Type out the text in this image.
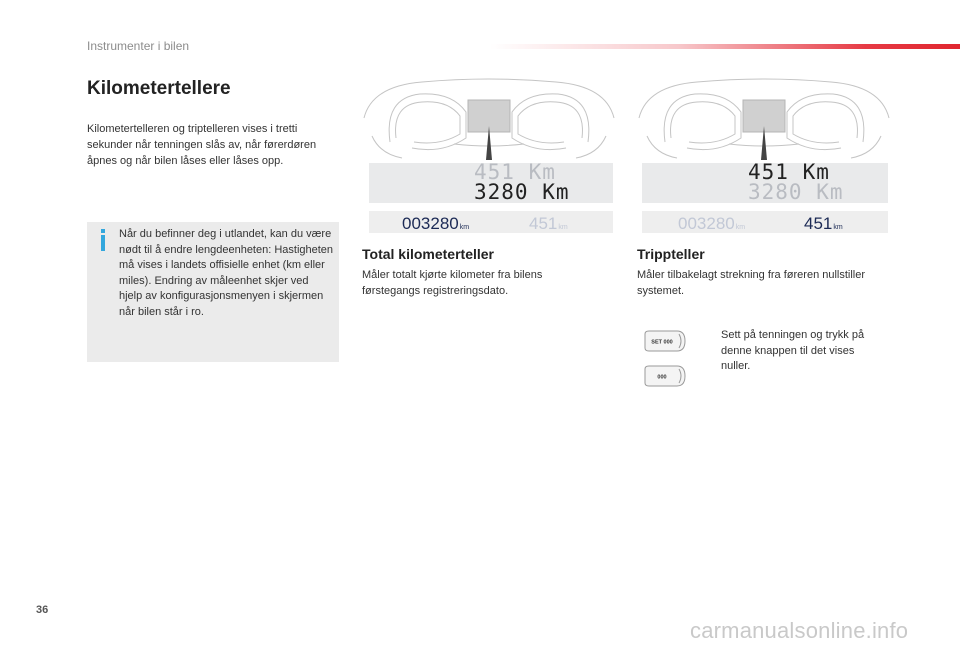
Instrumenter i bilen
Kilometertellere
Kilometertelleren og triptelleren vises i tretti sekunder når tenningen slås av, når førerdøren åpnes og når bilen låses eller låses opp.
Når du befinner deg i utlandet, kan du være nødt til å endre lengdeenheten: Hastigheten må vises i landets offisielle enhet (km eller miles). Endring av måleenhet skjer ved hjelp av konfigurasjonsmenyen i skjermen når bilen står i ro.
451 Km
3280 Km
003280km	451km
Total kilometerteller
Måler totalt kjørte kilometer fra bilens førstegangs registreringsdato.
451 Km
3280 Km
003280km	451km
Trippteller
Måler tilbakelagt strekning fra føreren nullstiller systemet.
SET 000
000
Sett på tenningen og trykk på denne knappen til det vises nuller.
36
carmanualsonline.info
